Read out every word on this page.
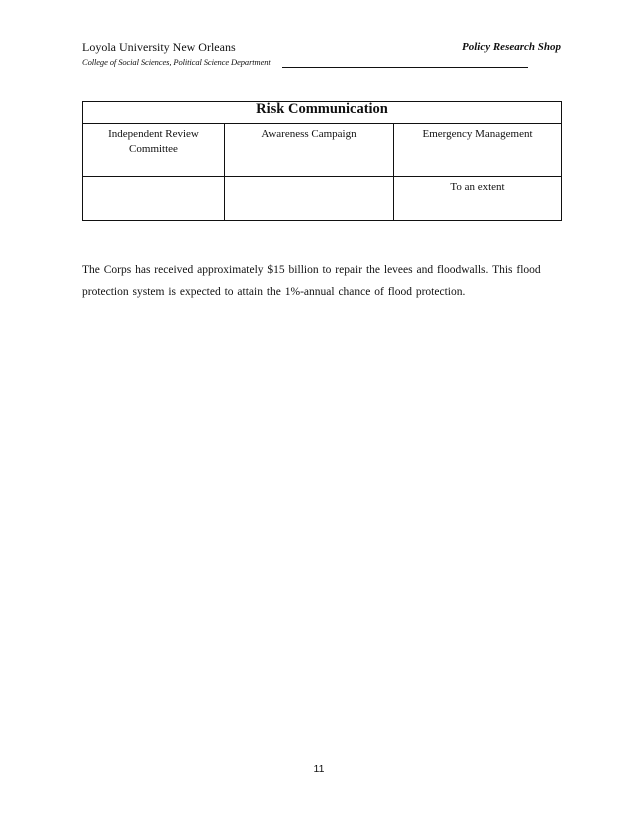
Loyola University New Orleans	Policy Research Shop
College of Social Sciences, Political Science Department
Risk Communication		
Independent Review Committee	Awareness Campaign	Emergency Management
		To an extent

The Corps has received approximately $15 billion to repair the levees and floodwalls. This flood protection system is expected to attain the 1%-annual chance of flood protection.

11
